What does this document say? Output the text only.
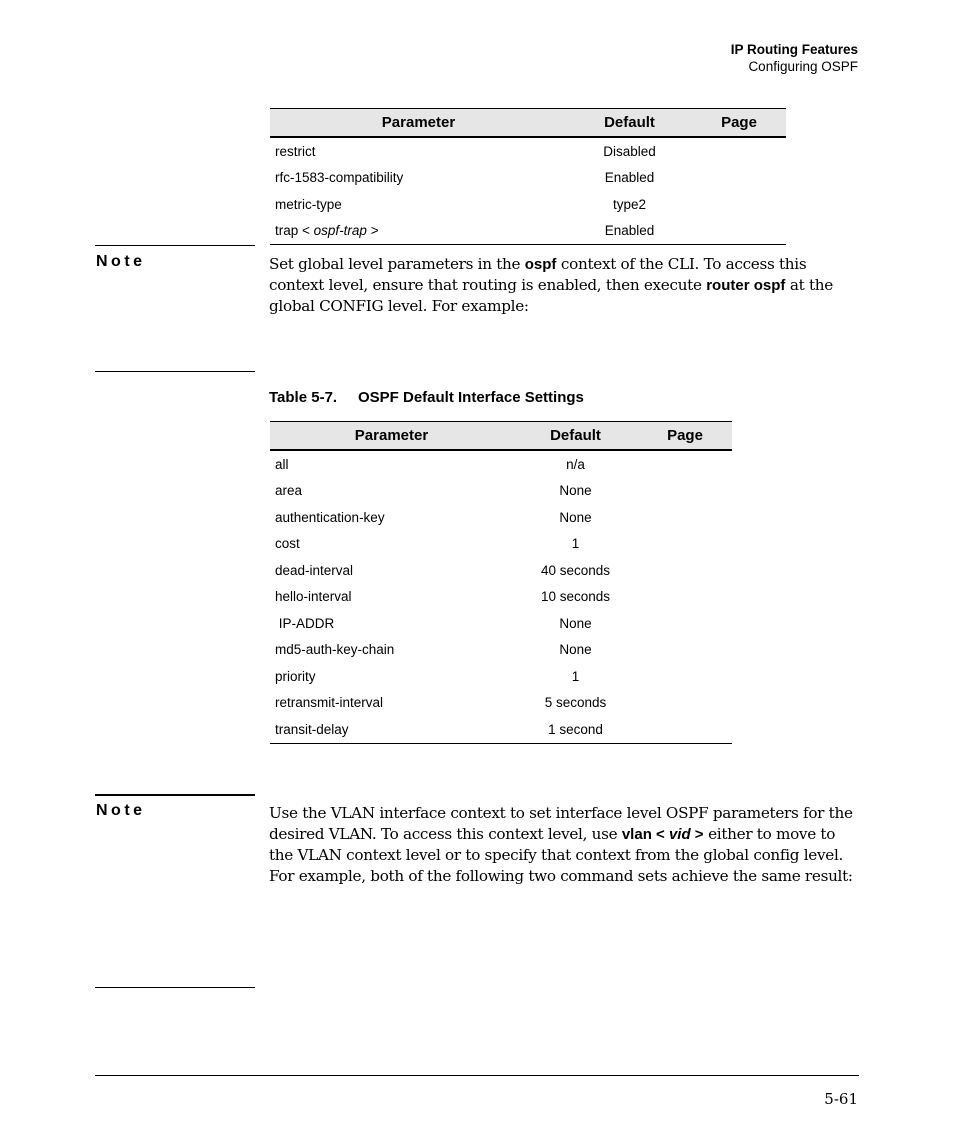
IP Routing Features
Configuring OSPF
Parameter	Default	Page
restrict	Disabled	
rfc-1583-compatibility	Enabled	
metric-type	type2	
trap < ospf-trap >	Enabled	
Note	Set global level parameters in the ospf context of the CLI. To access this context level, ensure that routing is enabled, then execute router ospf at the global CONFIG level. For example:
Table 5-7. OSPF Default Interface Settings
Parameter	Default	Page
all	n/a	
area	None	
authentication-key	None	
cost	1	
dead-interval	40 seconds	
hello-interval	10 seconds	
IP-ADDR	None	
md5-auth-key-chain	None	
priority	1	
retransmit-interval	5 seconds	
transit-delay	1 second	
Note	Use the VLAN interface context to set interface level OSPF parameters for the desired VLAN. To access this context level, use vlan < vid > either to move to the VLAN context level or to specify that context from the global config level. For example, both of the following two command sets achieve the same result:
5-61
